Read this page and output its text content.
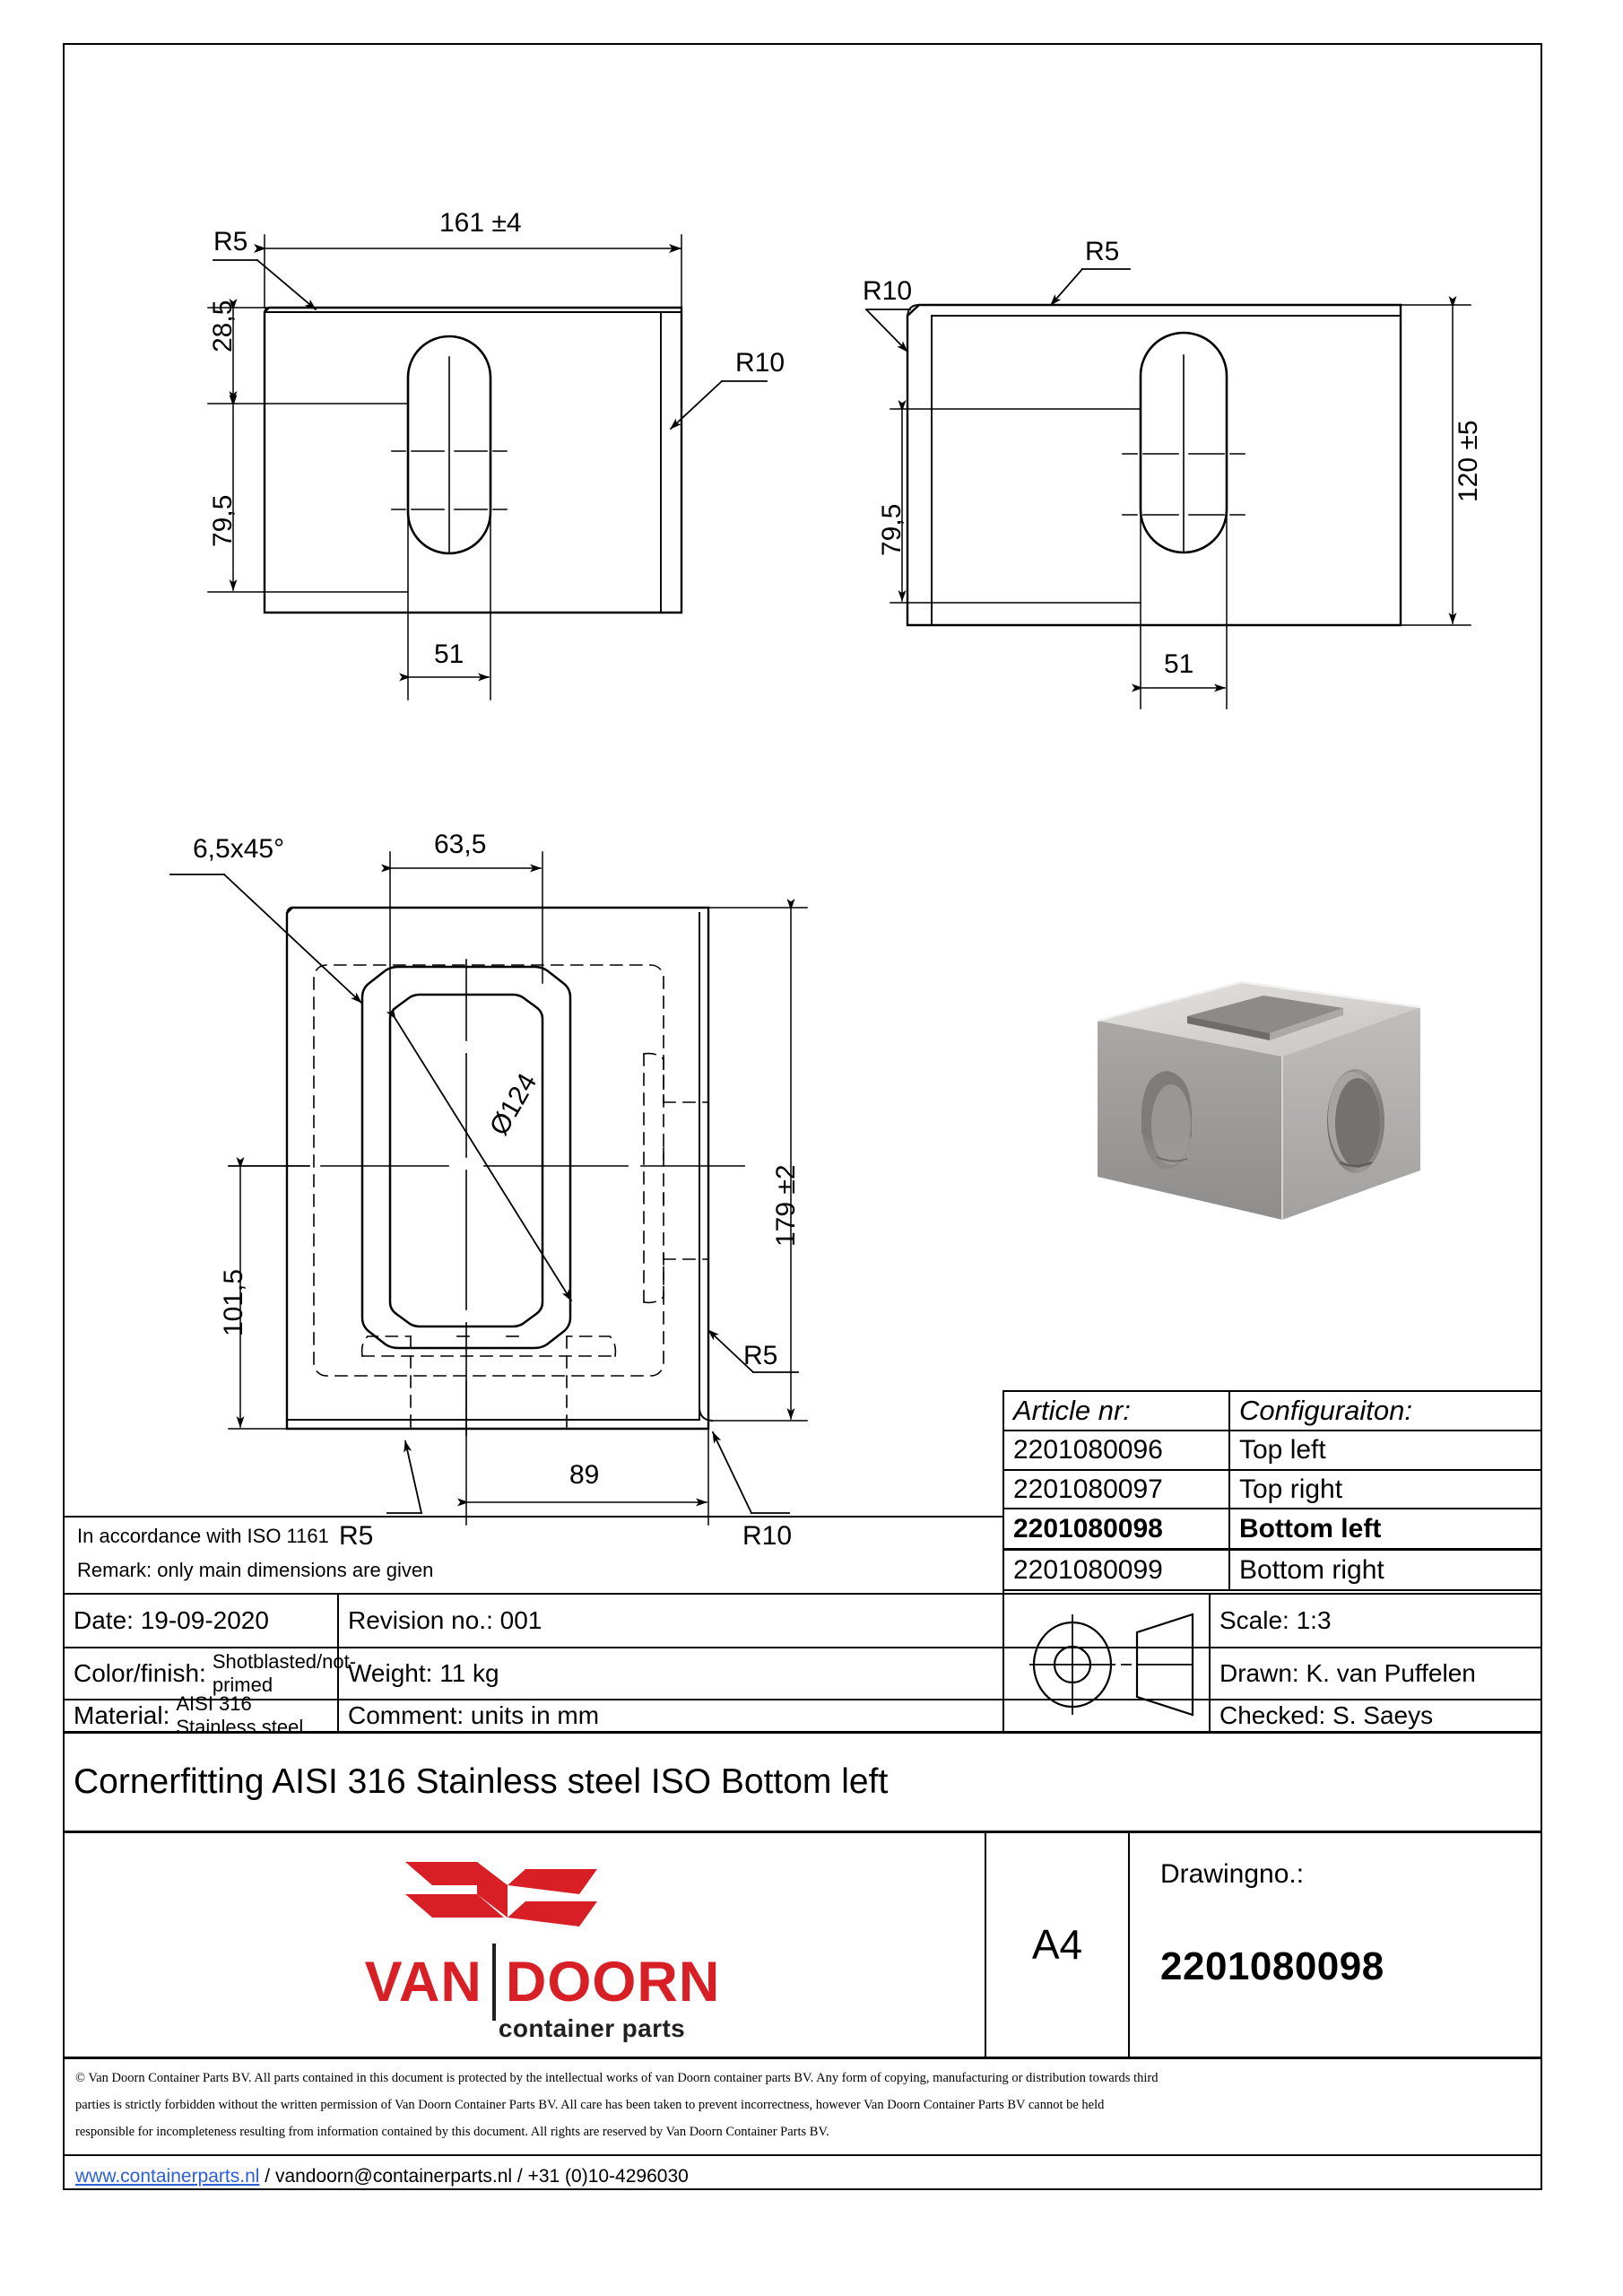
161 ±4
28,5
79,5
51
R5
R10
120 ±5
79,5
51
R5
R10
6,5x45°	63,5
Ø124
101,5
179 ±2
89
R5
R5
R10
Article nr:	Configuraiton:
2201080096	Top left
2201080097	Top right
2201080098	Bottom left
2201080099	Bottom right
In accordance with ISO 1161
Remark: only main dimensions are given
Date: 19-09-2020	Revision no.: 001
Color/finish: Shotblasted/not-primed	Weight: 11 kg
Material: AISI 316 Stainless steel	Comment: units in mm
Scale: 1:3
Drawn: K. van Puffelen
Checked: S. Saeys
Cornerfitting AISI 316 Stainless steel ISO Bottom left
A4
Drawingno.:
2201080098
VAN DOORN
container parts
© Van Doorn Container Parts BV. All parts contained in this document is protected by the intellectual works of van Doorn container parts BV. Any form of copying, manufacturing or distribution towards third
parties is strictly forbidden without the written permission of Van Doorn Container Parts BV. All care has been taken to prevent incorrectness, however Van Doorn Container Parts BV cannot be held
responsible for incompleteness resulting from information contained by this document. All rights are reserved by Van Doorn Container Parts BV.
www.containerparts.nl / vandoorn@containerparts.nl / +31 (0)10-4296030
